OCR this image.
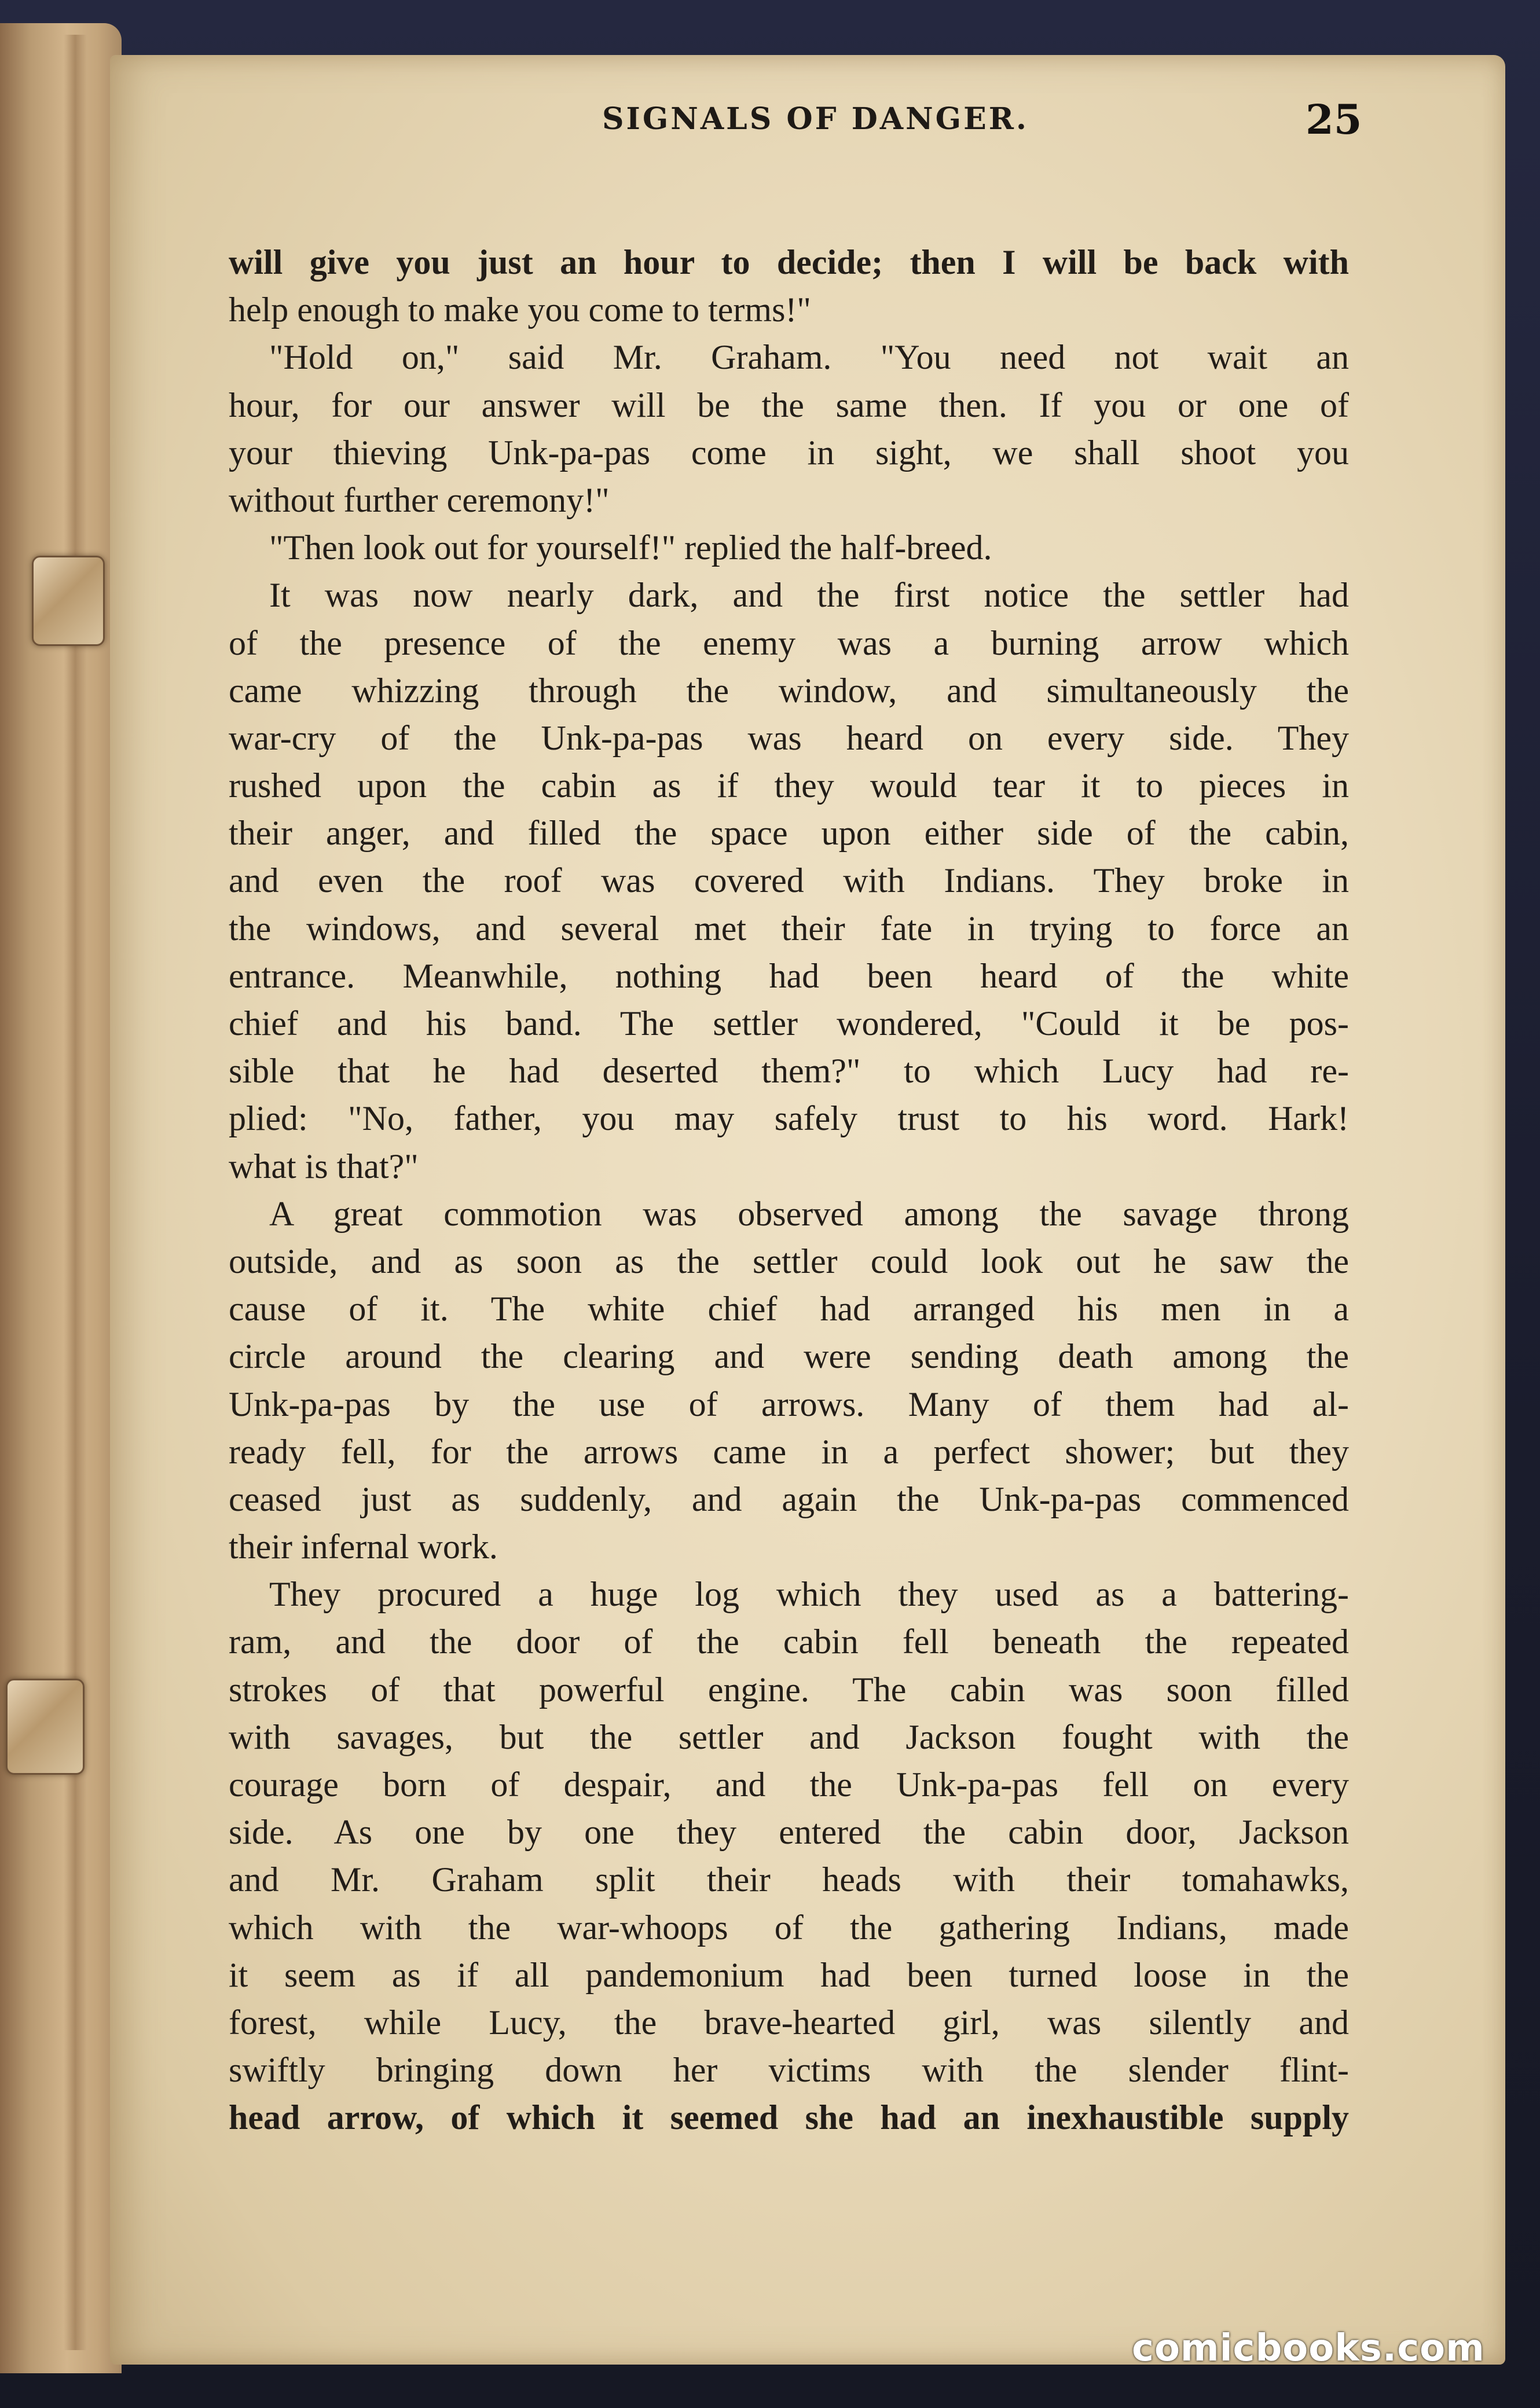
SIGNALS OF DANGER.	25
will give you just an hour to decide; then I will be back with
help enough to make you come to terms!"
"Hold on," said Mr. Graham. "You need not wait an
hour, for our answer will be the same then. If you or one of
your thieving Unk-pa-pas come in sight, we shall shoot you
without further ceremony!"
"Then look out for yourself!" replied the half-breed.
It was now nearly dark, and the first notice the settler had
of the presence of the enemy was a burning arrow which
came whizzing through the window, and simultaneously the
war-cry of the Unk-pa-pas was heard on every side. They
rushed upon the cabin as if they would tear it to pieces in
their anger, and filled the space upon either side of the cabin,
and even the roof was covered with Indians. They broke in
the windows, and several met their fate in trying to force an
entrance. Meanwhile, nothing had been heard of the white
chief and his band. The settler wondered, "Could it be pos-
sible that he had deserted them?" to which Lucy had re-
plied: "No, father, you may safely trust to his word. Hark!
what is that?"
A great commotion was observed among the savage throng
outside, and as soon as the settler could look out he saw the
cause of it. The white chief had arranged his men in a
circle around the clearing and were sending death among the
Unk-pa-pas by the use of arrows. Many of them had al-
ready fell, for the arrows came in a perfect shower; but they
ceased just as suddenly, and again the Unk-pa-pas commenced
their infernal work.
They procured a huge log which they used as a battering-
ram, and the door of the cabin fell beneath the repeated
strokes of that powerful engine. The cabin was soon filled
with savages, but the settler and Jackson fought with the
courage born of despair, and the Unk-pa-pas fell on every
side. As one by one they entered the cabin door, Jackson
and Mr. Graham split their heads with their tomahawks,
which with the war-whoops of the gathering Indians, made
it seem as if all pandemonium had been turned loose in the
forest, while Lucy, the brave-hearted girl, was silently and
swiftly bringing down her victims with the slender flint-
head arrow, of which it seemed she had an inexhaustible supply
comicbooks.com
